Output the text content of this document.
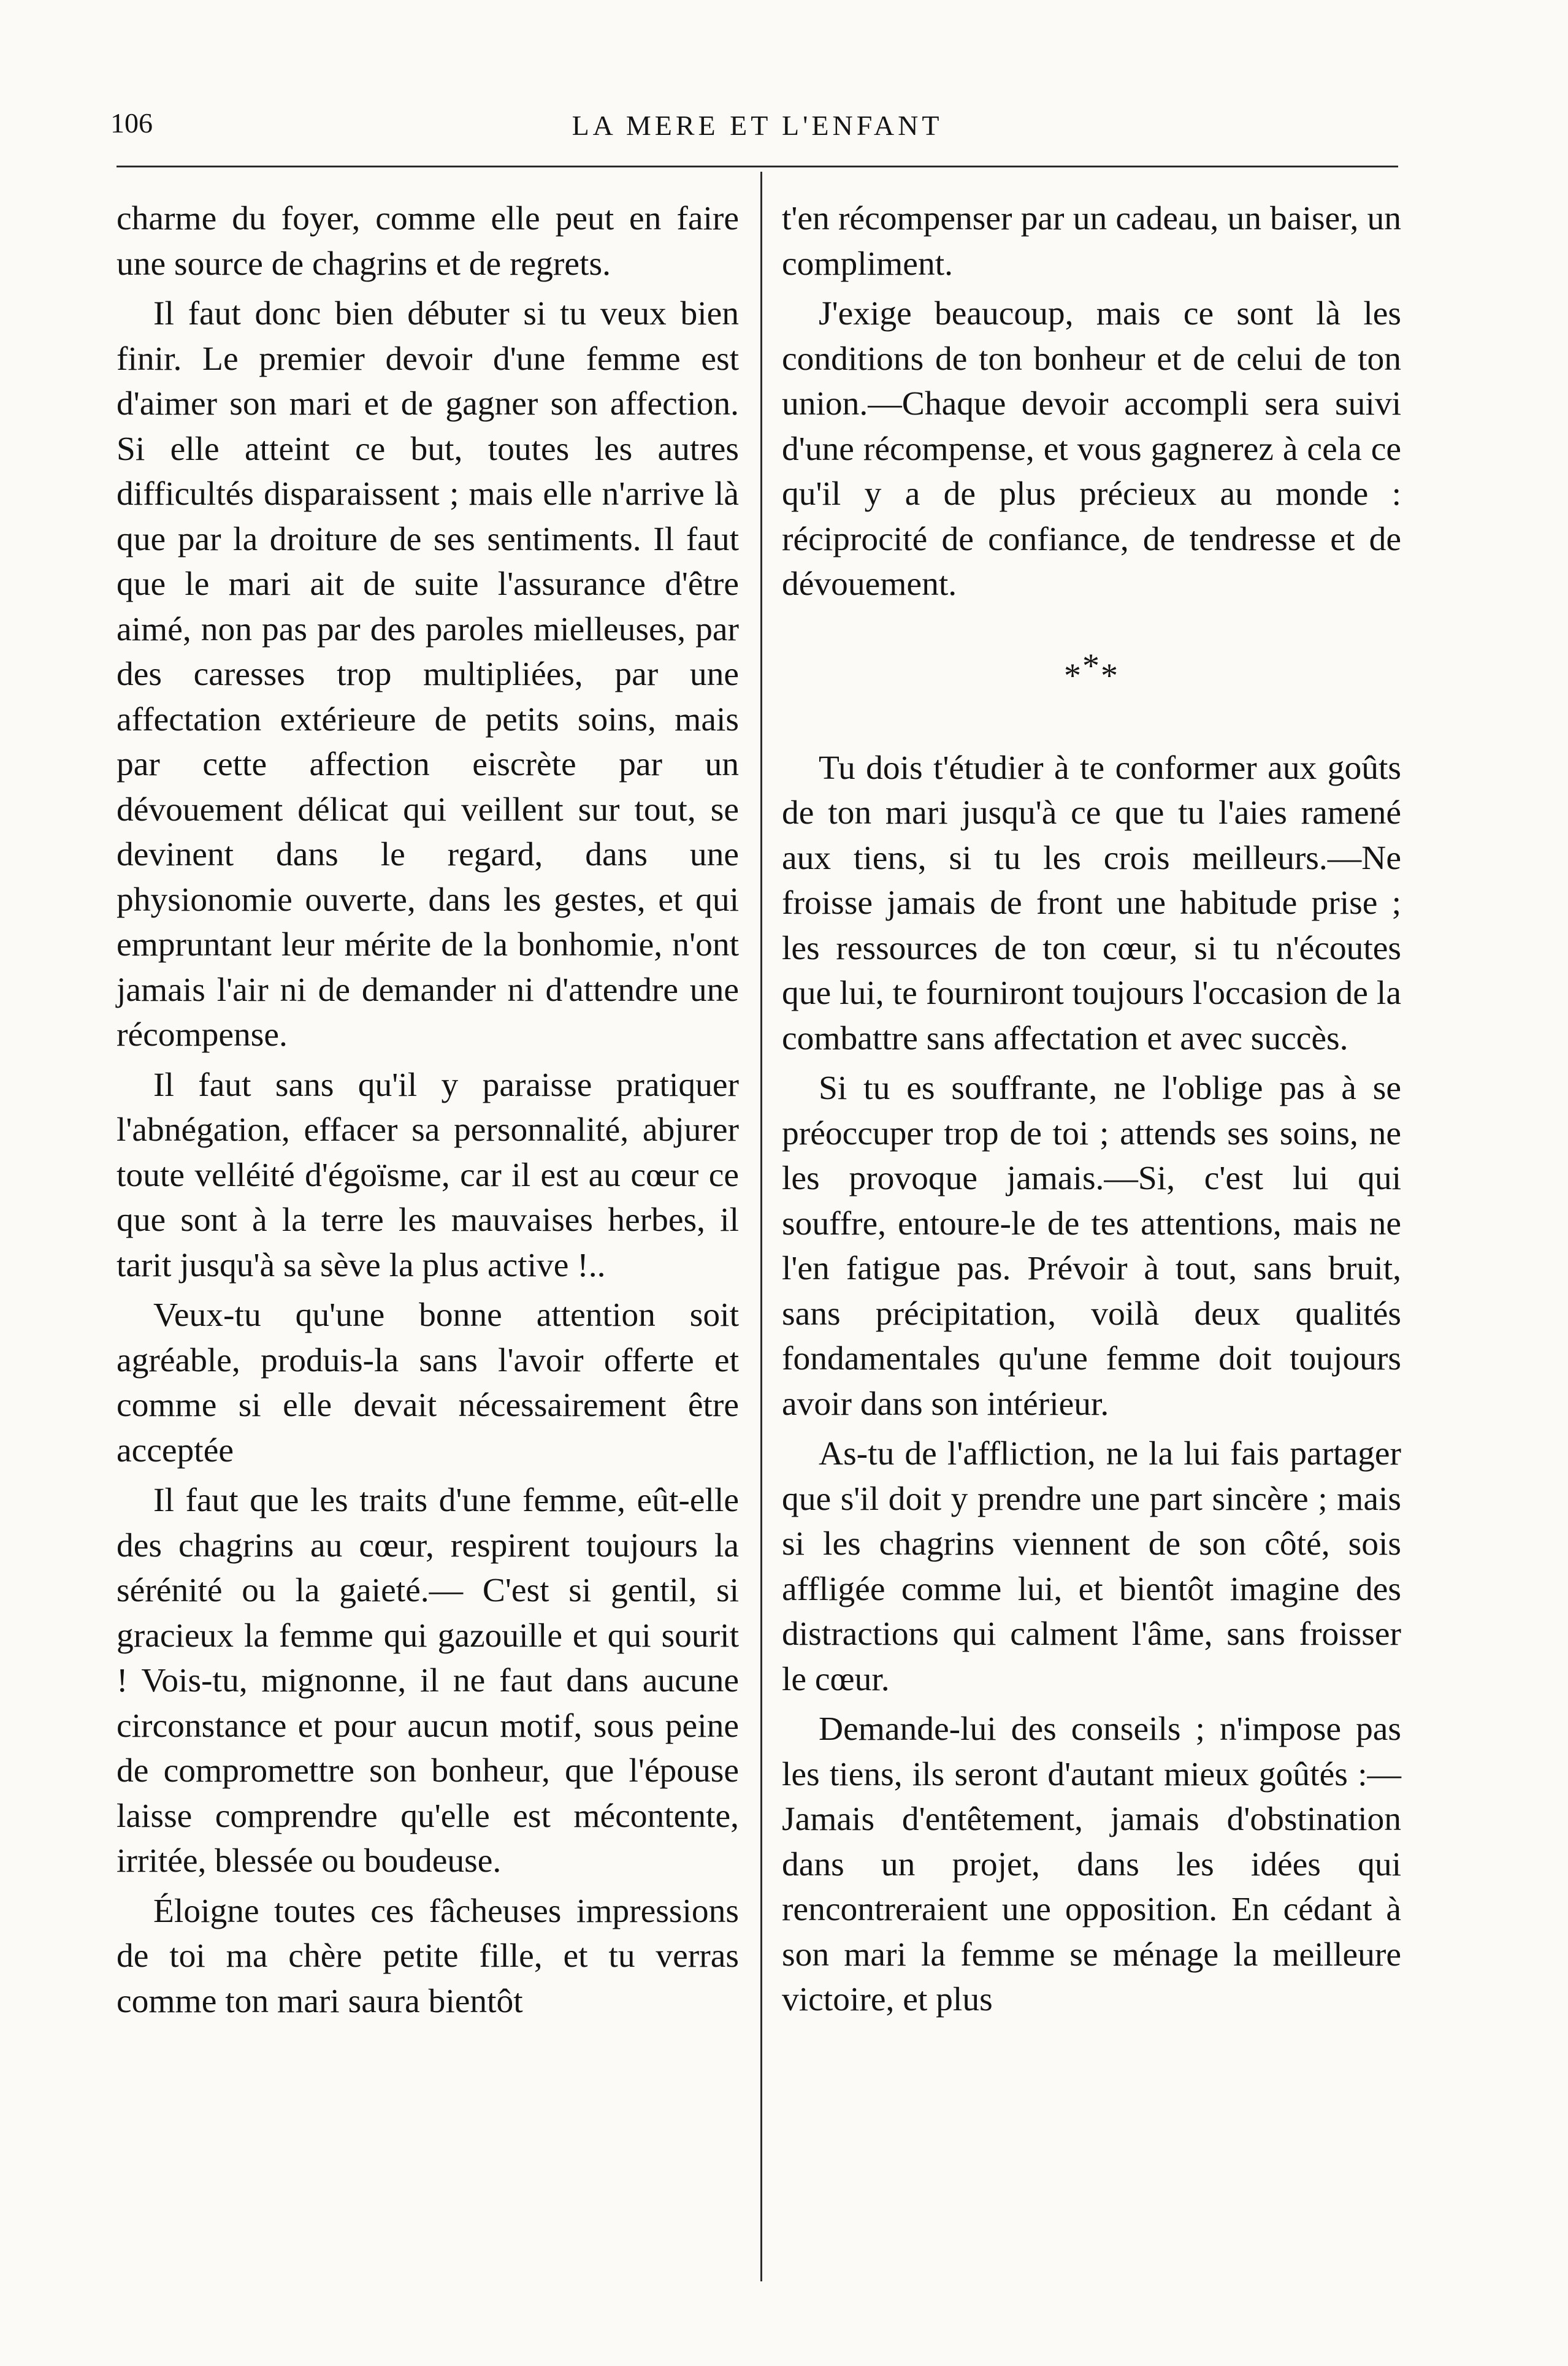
106	LA MERE ET L'ENFANT

charme du foyer, comme elle peut en faire une source de chagrins et de regrets.

Il faut donc bien débuter si tu veux bien finir. Le premier devoir d'une femme est d'aimer son mari et de gagner son affection. Si elle atteint ce but, toutes les autres difficultés disparaissent ; mais elle n'arrive là que par la droiture de ses sentiments. Il faut que le mari ait de suite l'assurance d'être aimé, non pas par des paroles mielleuses, par des caresses trop multipliées, par une affectation extérieure de petits soins, mais par cette affection eiscrète par un dévouement délicat qui veillent sur tout, se devinent dans le regard, dans une physionomie ouverte, dans les gestes, et qui empruntant leur mérite de la bonhomie, n'ont jamais l'air ni de demander ni d'attendre une récompense.

Il faut sans qu'il y paraisse pratiquer l'abnégation, effacer sa personnalité, abjurer toute velléité d'égoïsme, car il est au cœur ce que sont à la terre les mauvaises herbes, il tarit jusqu'à sa sève la plus active !..

Veux-tu qu'une bonne attention soit agréable, produis-la sans l'avoir offerte et comme si elle devait nécessairement être acceptée

Il faut que les traits d'une femme, eût-elle des chagrins au cœur, respirent toujours la sérénité ou la gaieté.— C'est si gentil, si gracieux la femme qui gazouille et qui sourit ! Vois-tu, mignonne, il ne faut dans aucune circonstance et pour aucun motif, sous peine de compromettre son bonheur, que l'épouse laisse comprendre qu'elle est mécontente, irritée, blessée ou boudeuse.

Éloigne toutes ces fâcheuses impressions de toi ma chère petite fille, et tu verras comme ton mari saura bientôt

t'en récompenser par un cadeau, un baiser, un compliment.

J'exige beaucoup, mais ce sont là les conditions de ton bonheur et de celui de ton union.—Chaque devoir accompli sera suivi d'une récompense, et vous gagnerez à cela ce qu'il y a de plus précieux au monde : réciprocité de confiance, de tendresse et de dévouement.

***

Tu dois t'étudier à te conformer aux goûts de ton mari jusqu'à ce que tu l'aies ramené aux tiens, si tu les crois meilleurs.—Ne froisse jamais de front une habitude prise ; les ressources de ton cœur, si tu n'écoutes que lui, te fourniront toujours l'occasion de la combattre sans affectation et avec succès.

Si tu es souffrante, ne l'oblige pas à se préoccuper trop de toi ; attends ses soins, ne les provoque jamais.—Si, c'est lui qui souffre, entoure-le de tes attentions, mais ne l'en fatigue pas. Prévoir à tout, sans bruit, sans précipitation, voilà deux qualités fondamentales qu'une femme doit toujours avoir dans son intérieur.

As-tu de l'affliction, ne la lui fais partager que s'il doit y prendre une part sincère ; mais si les chagrins viennent de son côté, sois affligée comme lui, et bientôt imagine des distractions qui calment l'âme, sans froisser le cœur.

Demande-lui des conseils ; n'impose pas les tiens, ils seront d'autant mieux goûtés :—Jamais d'entêtement, jamais d'obstination dans un projet, dans les idées qui rencontreraient une opposition. En cédant à son mari la femme se ménage la meilleure victoire, et plus
